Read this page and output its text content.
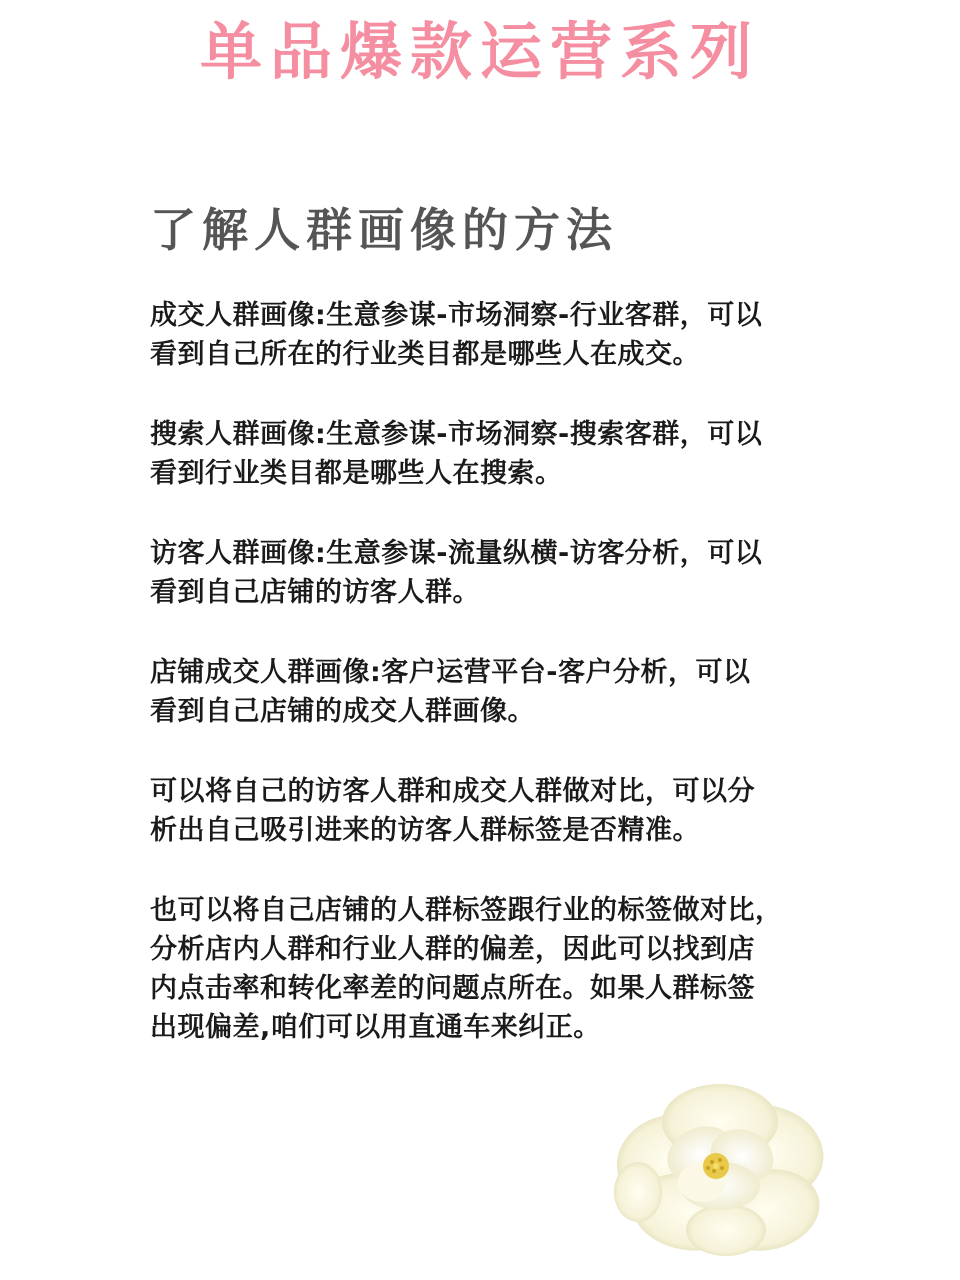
单品爆款运营系列
了解人群画像的方法

成交人群画像:生意参谋-市场洞察-行业客群，可以
看到自己所在的行业类目都是哪些人在成交。

搜索人群画像:生意参谋-市场洞察-搜索客群，可以
看到行业类目都是哪些人在搜索。

访客人群画像:生意参谋-流量纵横-访客分析，可以
看到自己店铺的访客人群。

店铺成交人群画像:客户运营平台-客户分析，可以
看到自己店铺的成交人群画像。

可以将自己的访客人群和成交人群做对比，可以分
析出自己吸引进来的访客人群标签是否精准。

也可以将自己店铺的人群标签跟行业的标签做对比，
分析店内人群和行业人群的偏差，因此可以找到店
内点击率和转化率差的问题点所在。如果人群标签
出现偏差,咱们可以用直通车来纠正。
